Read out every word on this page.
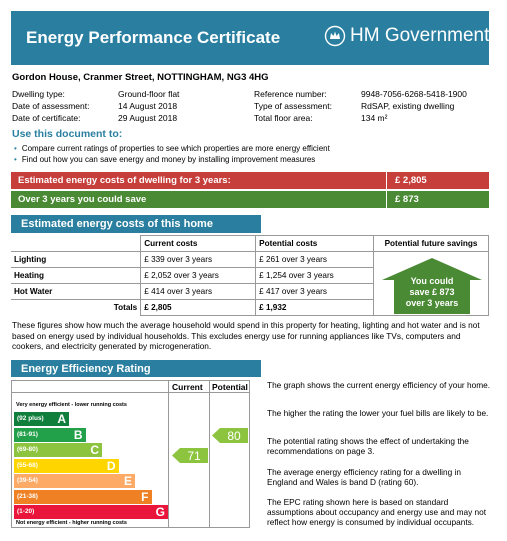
Energy Performance Certificate	HM Government
Gordon House, Cranmer Street, NOTTINGHAM, NG3 4HG
Dwelling type:	Ground-floor flat
Date of assessment:	14 August 2018
Date of certificate:	29 August 2018
Reference number:	9948-7056-6268-5418-1900
Type of assessment:	RdSAP, existing dwelling
Total floor area:	134 m²
Use this document to:
• Compare current ratings of properties to see which properties are more energy efficient
• Find out how you can save energy and money by installing improvement measures
Estimated energy costs of dwelling for 3 years:	£ 2,805
Over 3 years you could save	£ 873
Estimated energy costs of this home
	Current costs	Potential costs	Potential future savings
Lighting	£ 339 over 3 years	£ 261 over 3 years	
Heating	£ 2,052 over 3 years	£ 1,254 over 3 years	
Hot Water	£ 414 over 3 years	£ 417 over 3 years	
Totals	£ 2,805	£ 1,932	
You could
save £ 873
over 3 years
These figures show how much the average household would spend in this property for heating, lighting and hot water and is not based on energy used by individual households. This excludes energy use for running appliances like TVs, computers and cookers, and electricity generated by microgeneration.
Energy Efficiency Rating
Current Potential
Very energy efficient - lower running costs
Not energy efficient - higher running costs
(92 plus) A
(81-91)	B
(69-80)	C
(55-68)	D
(39-54)	E
(21-38)	F
(1-20)	G
71
80
The graph shows the current energy efficiency of your home.
The higher the rating the lower your fuel bills are likely to be.
The potential rating shows the effect of undertaking the recommendations on page 3.
The average energy efficiency rating for a dwelling in England and Wales is band D (rating 60).
The EPC rating shown here is based on standard assumptions about occupancy and energy use and may not reflect how energy is consumed by individual occupants.
